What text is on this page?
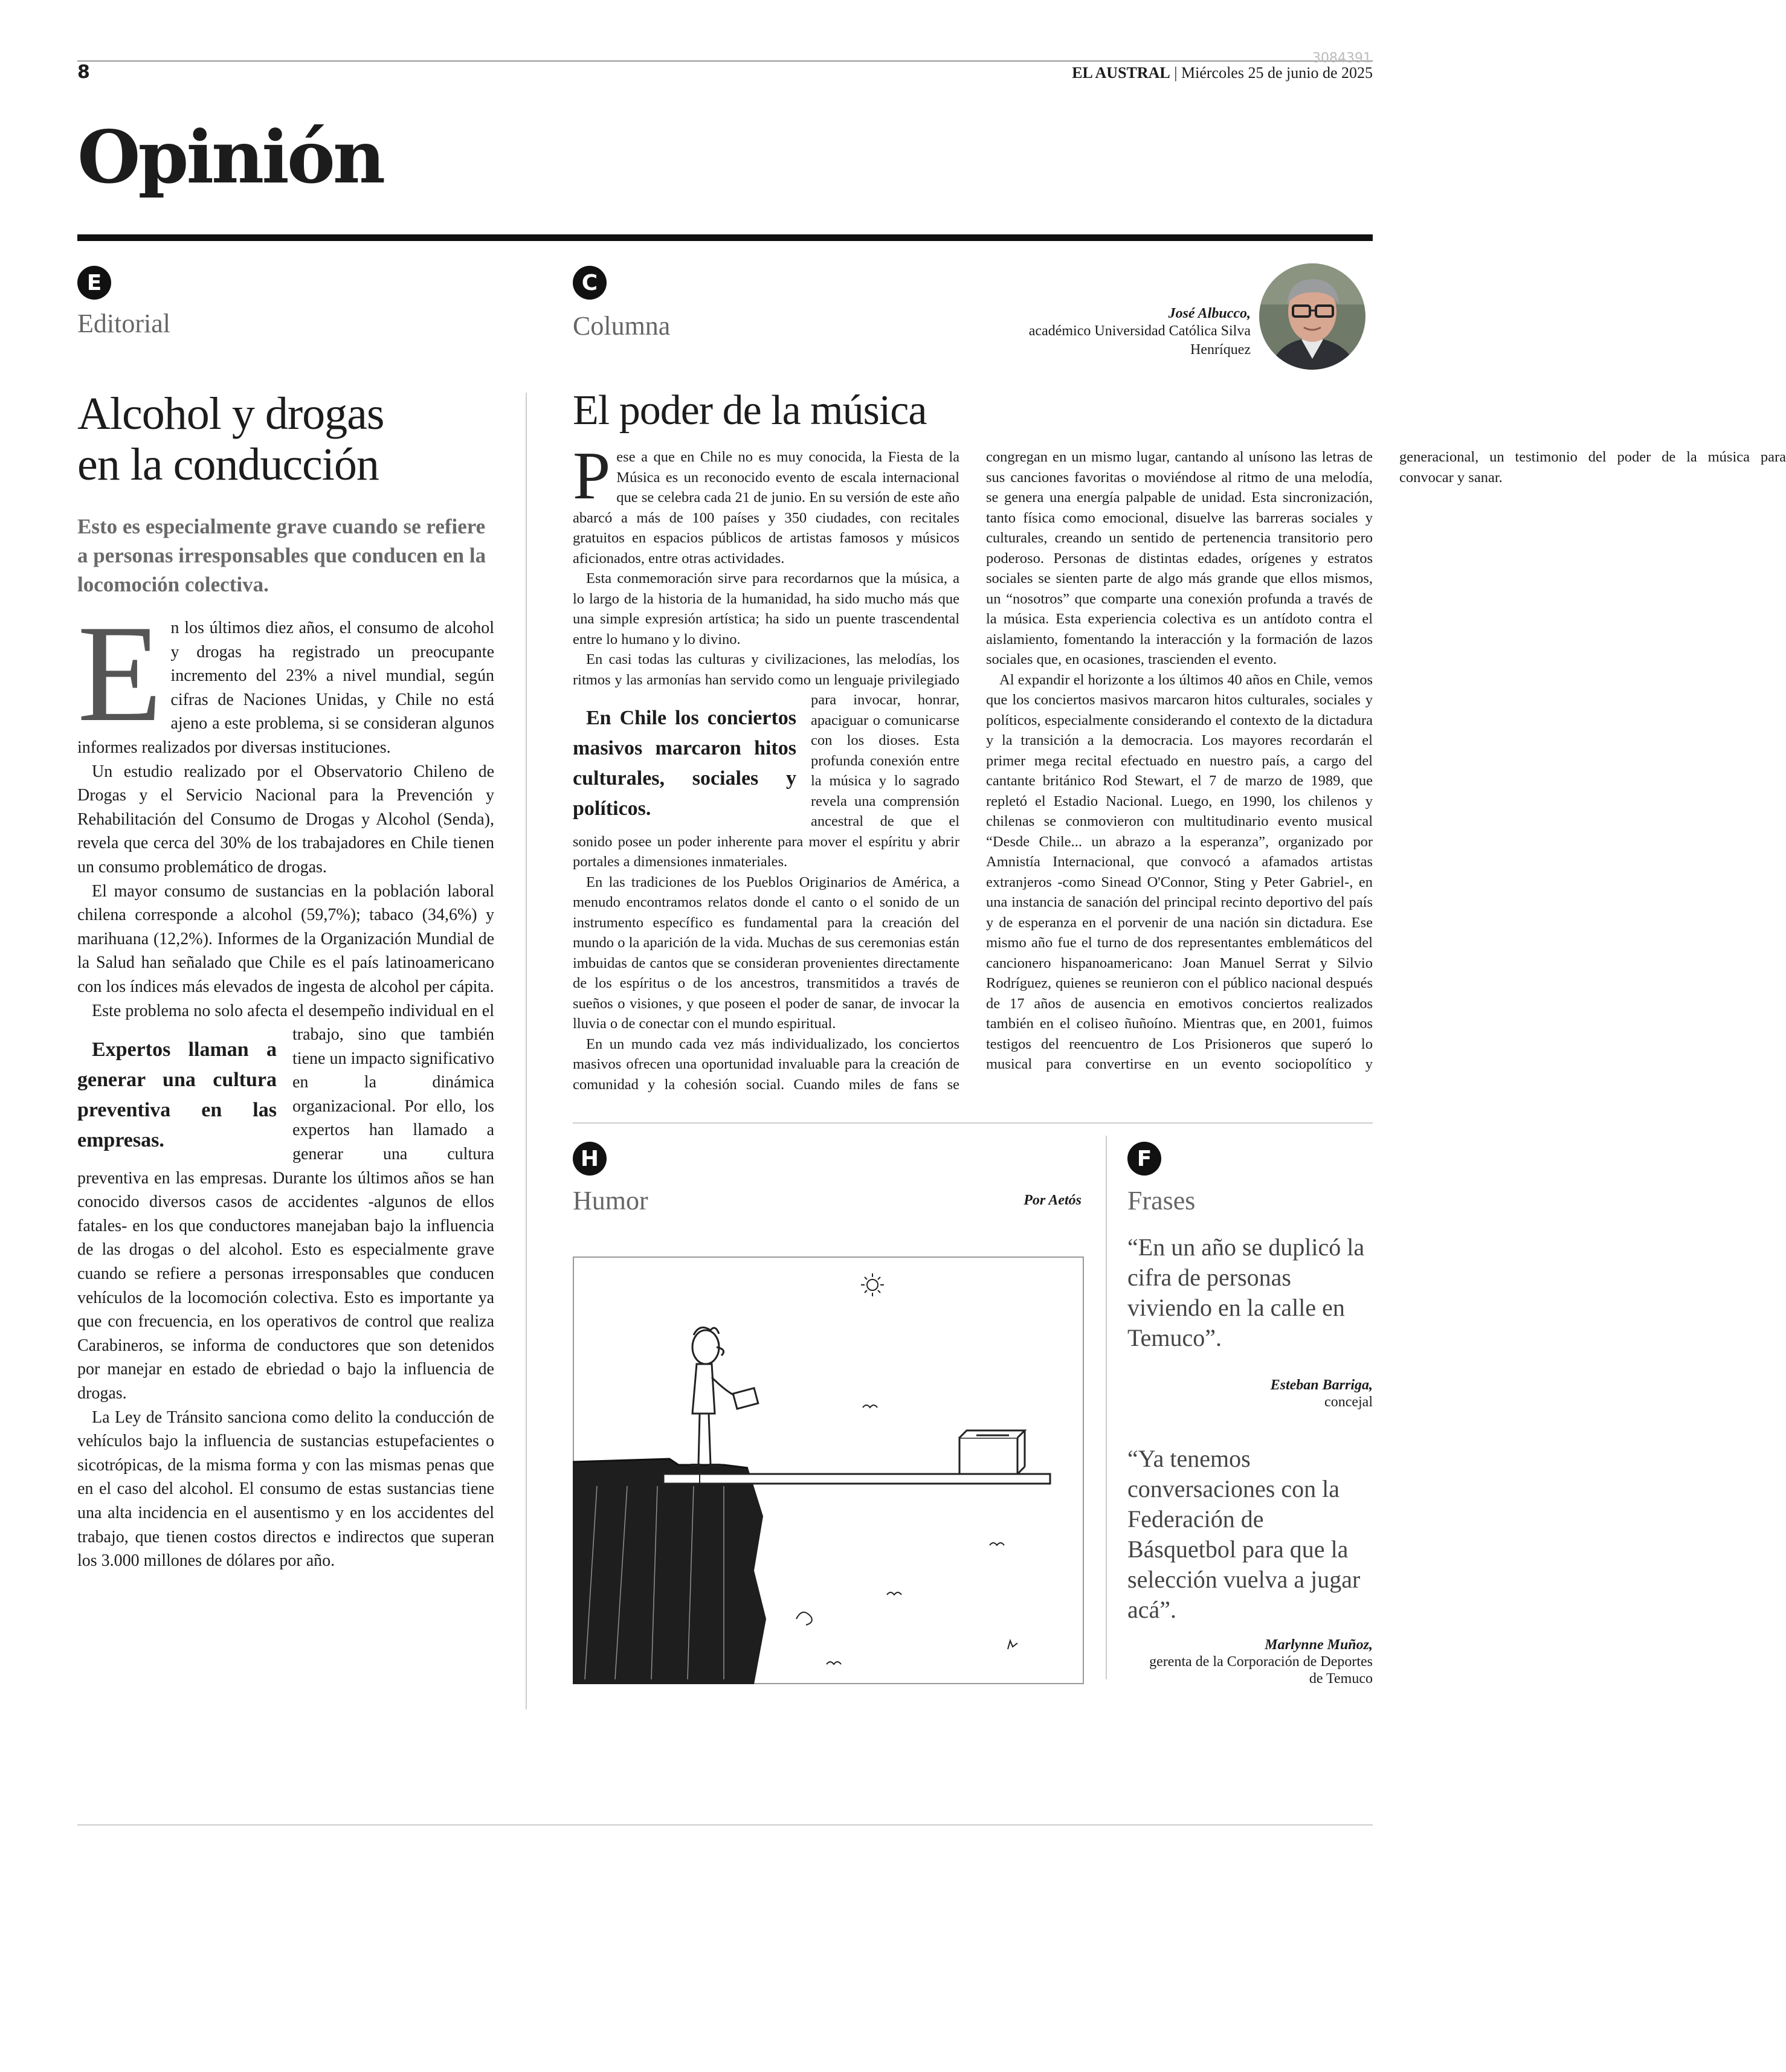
8
3084391
EL AUSTRAL | Miércoles 25 de junio de 2025
Opinión
E
Editorial
Alcohol y drogas
en la conducción
Esto es especialmente grave cuando se refiere a personas irresponsables que conducen en la locomoción colectiva.

En los últimos diez años, el consumo de alcohol y drogas ha registrado un preocupante incremento del 23% a nivel mundial, según cifras de Naciones Unidas, y Chile no está ajeno a este problema, si se consideran algunos informes realizados por diversas instituciones.

Un estudio realizado por el Observatorio Chileno de Drogas y el Servicio Nacional para la Prevención y Rehabilitación del Consumo de Drogas y Alcohol (Senda), revela que cerca del 30% de los trabajadores en Chile tienen un consumo problemático de drogas.

El mayor consumo de sustancias en la población laboral chilena corresponde a alcohol (59,7%); tabaco (34,6%) y marihuana (12,2%). Informes de la Organización Mundial de la Salud han señalado que Chile es el país latinoamericano con los índices más elevados de ingesta de alcohol per cápita.

Este problema no solo afecta el desempeño individual en el trabajo, sino
Expertos llaman a generar una cultura preventiva en las empresas.
que también tiene un impacto significativo en la dinámica organizacional. Por ello, los expertos han llamado a generar una cultura preventiva en las empresas. Durante los últimos años se han conocido diversos casos de accidentes -algunos de ellos fatales- en los que conductores manejaban bajo la influencia de las drogas o del alcohol. Esto es especialmente grave cuando se refiere a personas irresponsables que conducen vehículos de la locomoción colectiva. Esto es importante ya que con frecuencia, en los operativos de control que realiza Carabineros, se informa de conductores que son detenidos por manejar en estado de ebriedad o bajo la influencia de drogas.

La Ley de Tránsito sanciona como delito la conducción de vehículos bajo la influencia de sustancias estupefacientes o sicotrópicas, de la misma forma y con las mismas penas que en el caso del alcohol. El consumo de estas sustancias tiene una alta incidencia en el ausentismo y en los accidentes del trabajo, que tienen costos directos e indirectos que superan los 3.000 millones de dólares por año.

C
Columna	José Albucco,
académico Universidad Católica Silva Henríquez
El poder de la música

Pese a que en Chile no es muy conocida, la Fiesta de la Música es un reconocido evento de escala internacional que se celebra cada 21 de junio. En su versión de este año abarcó a más de 100 países y 350 ciudades, con recitales gratuitos en espacios públicos de artistas famosos y músicos aficionados, entre otras actividades.

Esta conmemoración sirve para recordarnos que la música, a lo largo de la historia de la humanidad, ha sido mucho más que una simple expresión artística; ha sido un puente trascendental entre lo humano y lo divino.

En casi todas las culturas y civilizaciones, las melodías, los ritmos y las armonías han servido como un lenguaje privilegiado
En Chile los conciertos masivos marcaron hitos culturales, sociales y políticos.
para invocar, honrar, apaciguar o comunicarse con los dioses. Esta profunda conexión entre la música y lo sagrado revela una comprensión ancestral de que el sonido posee un poder inherente para mover el espíritu y abrir portales a dimensiones inmateriales.

En las tradiciones de los Pueblos Originarios de América, a menudo encontramos relatos donde el canto o el sonido de un instrumento específico es fundamental para la creación del mundo o la aparición de la vida. Muchas de sus ceremonias están imbuidas de cantos que se consideran provenientes directamente de los espíritus o de los ancestros, transmitidos a través de sueños o visiones, y que poseen el poder de sanar, de invocar la lluvia o de conectar con el mundo espiritual.

En un mundo cada vez más individualizado, los conciertos masivos ofrecen una oportunidad invaluable para la creación de comunidad y la cohesión social. Cuando miles de fans se congregan en un mismo lugar, cantando al unísono las letras de sus canciones favoritas o moviéndose al ritmo de una melodía, se genera una energía palpable de unidad. Esta sincronización, tanto física como emocional, disuelve las barreras sociales y culturales, creando un sentido de pertenencia transitorio pero poderoso. Personas de distintas edades, orígenes y estratos sociales se sienten parte de algo más grande que ellos mismos, un “nosotros” que comparte una conexión profunda a través de la música. Esta experiencia colectiva es un antídoto contra el aislamiento, fomentando la interacción y la formación de lazos sociales que, en ocasiones, trascienden el evento.

Al expandir el horizonte a los últimos 40 años en Chile, vemos que los conciertos masivos marcaron hitos culturales, sociales y políticos, especialmente considerando el contexto de la dictadura y la transición a la democracia. Los mayores recordarán el primer mega recital efectuado en nuestro país, a cargo del cantante británico Rod Stewart, el 7 de marzo de 1989, que repletó el Estadio Nacional. Luego, en 1990, los chilenos y chilenas se conmovieron con multitudinario evento musical “Desde Chile... un abrazo a la esperanza”, organizado por Amnistía Internacional, que convocó a afamados artistas extranjeros -como Sinead O'Connor, Sting y Peter Gabriel-, en una instancia de sanación del principal recinto deportivo del país y de esperanza en el porvenir de una nación sin dictadura. Ese mismo año fue el turno de dos representantes emblemáticos del cancionero hispanoamericano: Joan Manuel Serrat y Silvio Rodríguez, quienes se reunieron con el público nacional después de 17 años de ausencia en emotivos conciertos realizados también en el coliseo ñuñoíno. Mientras que, en 2001, fuimos testigos del reencuentro de Los Prisioneros que superó lo musical para convertirse en un evento sociopolítico y generacional, un testimonio del poder de la música para convocar y sanar.

H
Humor	Por Aetós
F
Frases
“En un año se duplicó la cifra de personas viviendo en la calle en Temuco”.
Esteban Barriga,
concejal
“Ya tenemos conversaciones con la Federación de Básquetbol para que la selección vuelva a jugar acá”.
Marlynne Muñoz,
gerenta de la Corporación de Deportes
de Temuco
